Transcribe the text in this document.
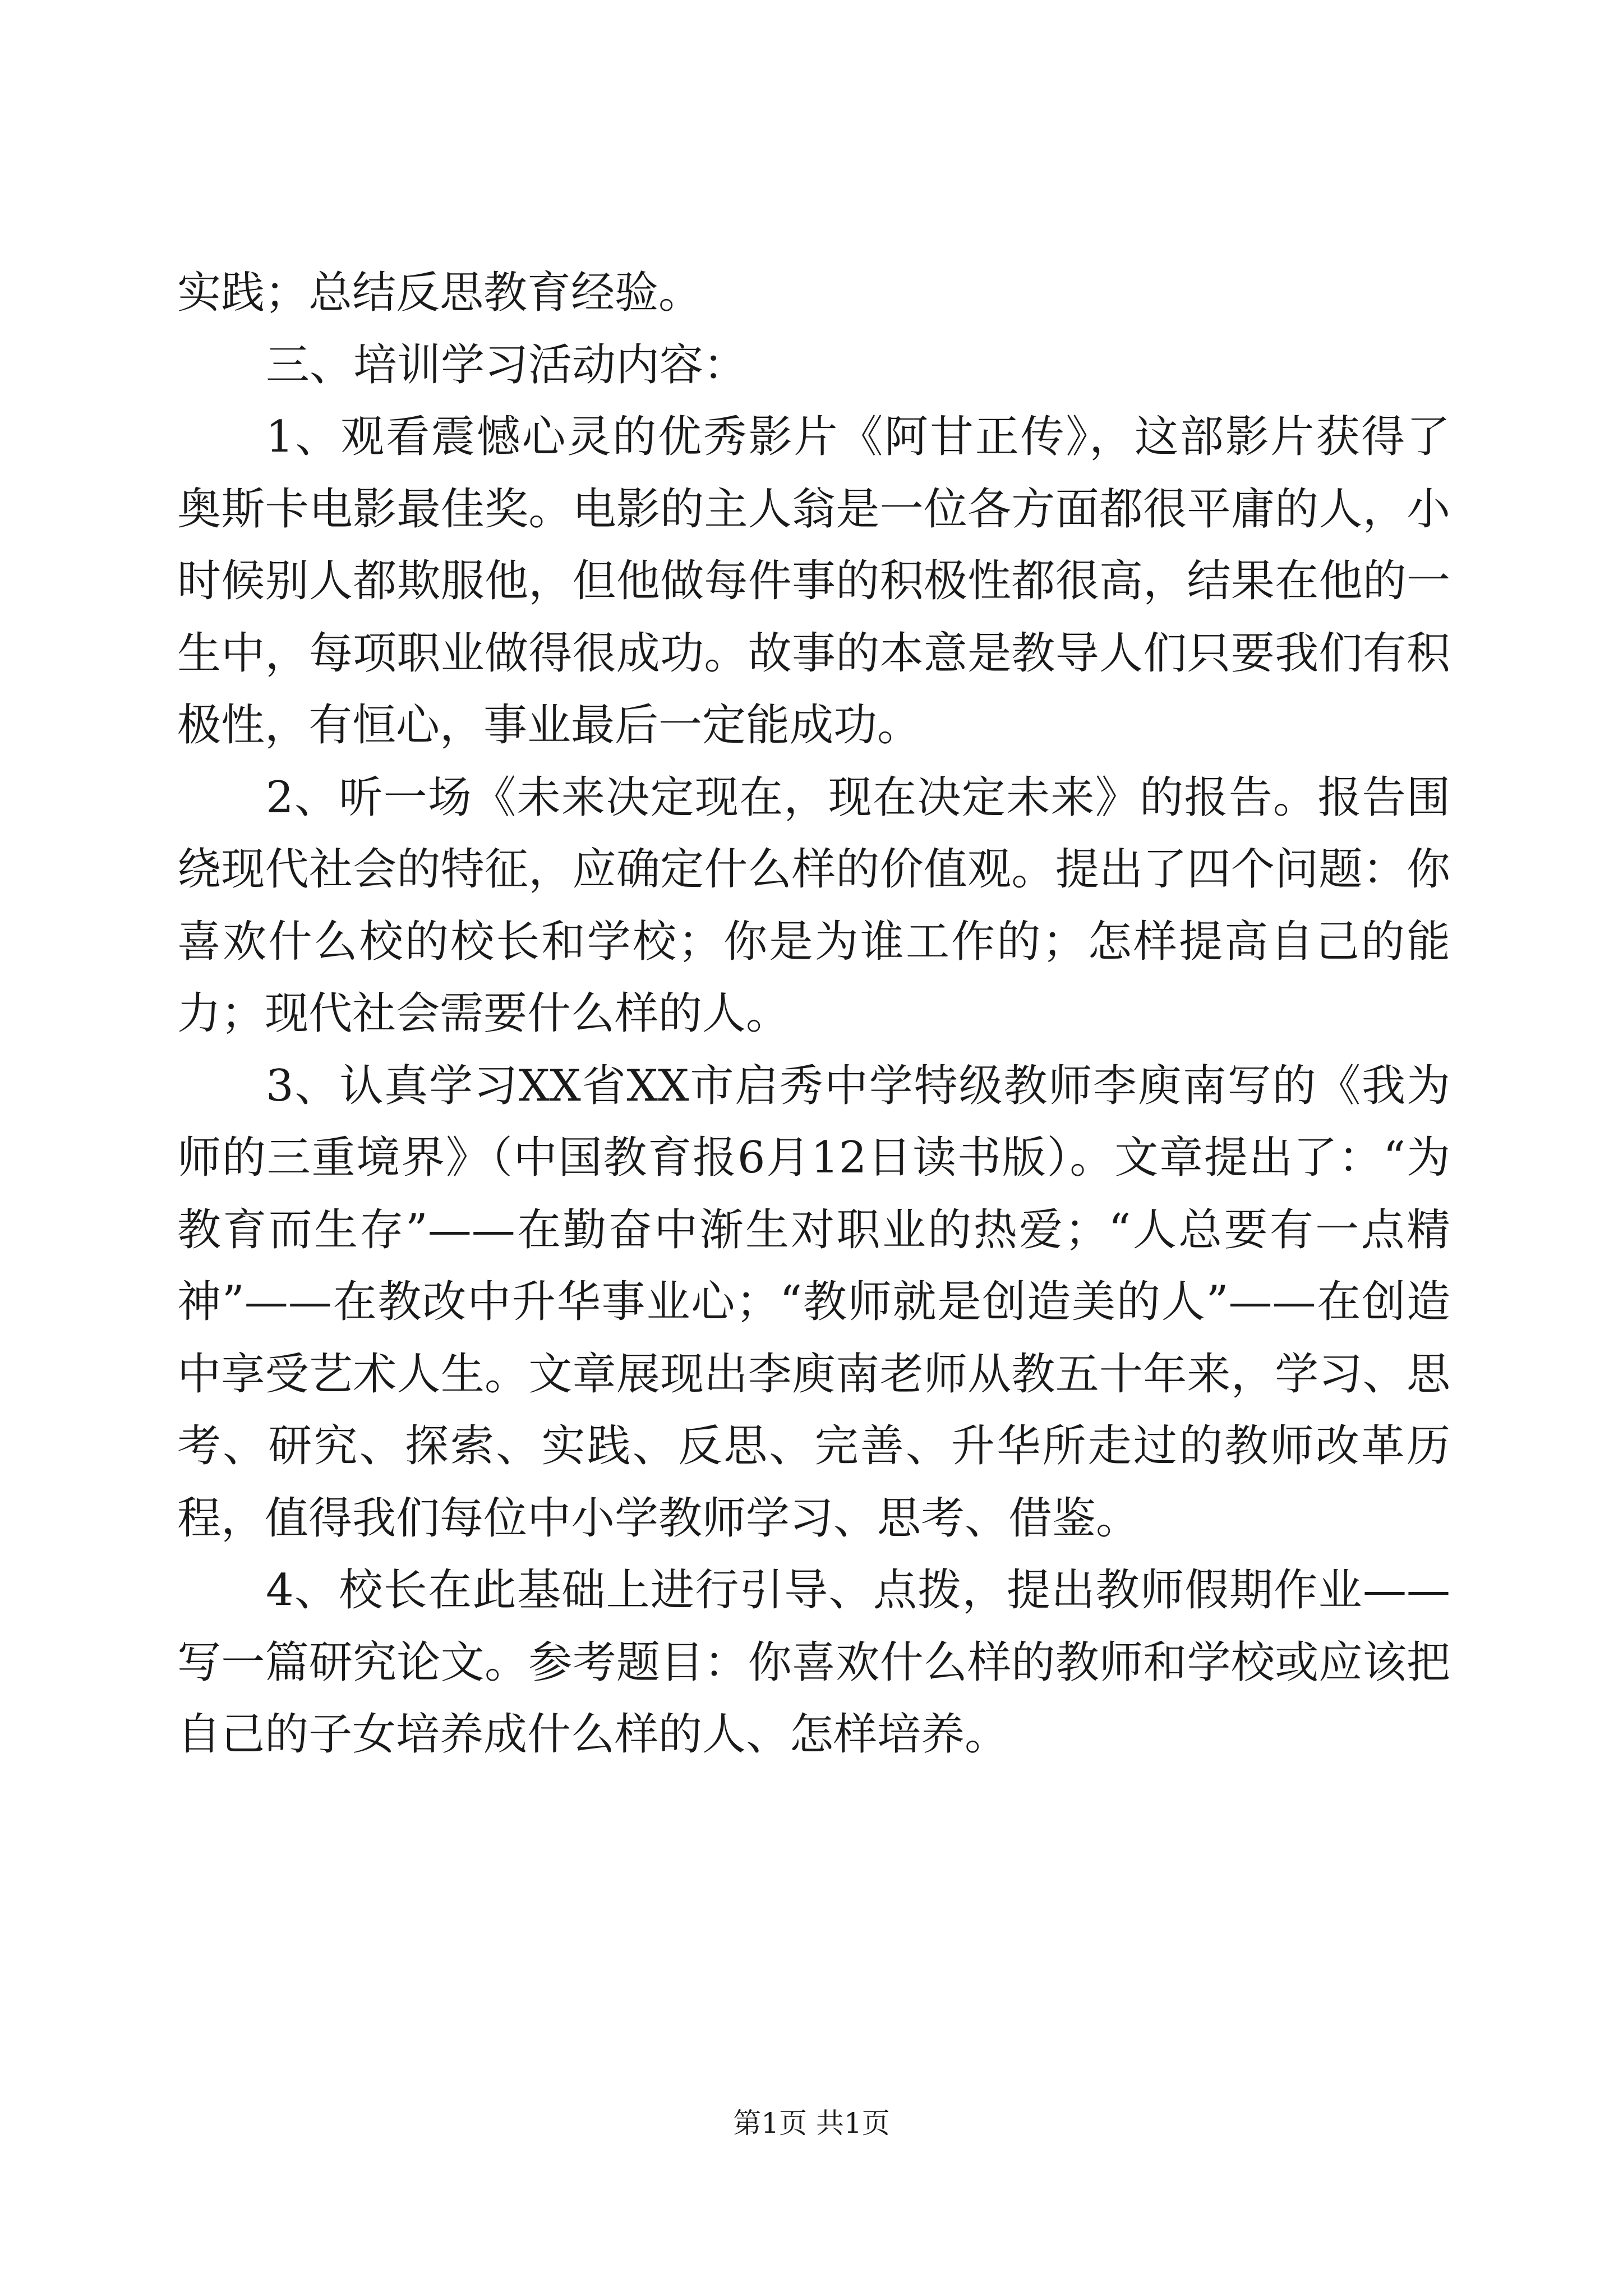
实践；总结反思教育经验。

三、培训学习活动内容：

1、观看震憾心灵的优秀影片《阿甘正传》，这部影片获得了奥斯卡电影最佳奖。电影的主人翁是一位各方面都很平庸的人，小时候别人都欺服他，但他做每件事的积极性都很高，结果在他的一生中，每项职业做得很成功。故事的本意是教导人们只要我们有积极性，有恒心，事业最后一定能成功。

2、听一场《未来决定现在，现在决定未来》的报告。报告围绕现代社会的特征，应确定什么样的价值观。提出了四个问题：你喜欢什么校的校长和学校；你是为谁工作的；怎样提高自己的能力；现代社会需要什么样的人。

3、认真学习XX省XX市启秀中学特级教师李庾南写的《我为师的三重境界》（中国教育报6月12日读书版）。文章提出了：“为教育而生存”——在勤奋中渐生对职业的热爱；“人总要有一点精神”——在教改中升华事业心；“教师就是创造美的人”——在创造中享受艺术人生。文章展现出李庾南老师从教五十年来，学习、思考、研究、探索、实践、反思、完善、升华所走过的教师改革历程，值得我们每位中小学教师学习、思考、借鉴。

4、校长在此基础上进行引导、点拨，提出教师假期作业——写一篇研究论文。参考题目：你喜欢什么样的教师和学校或应该把自己的子女培养成什么样的人、怎样培养。

第1页 共1页
